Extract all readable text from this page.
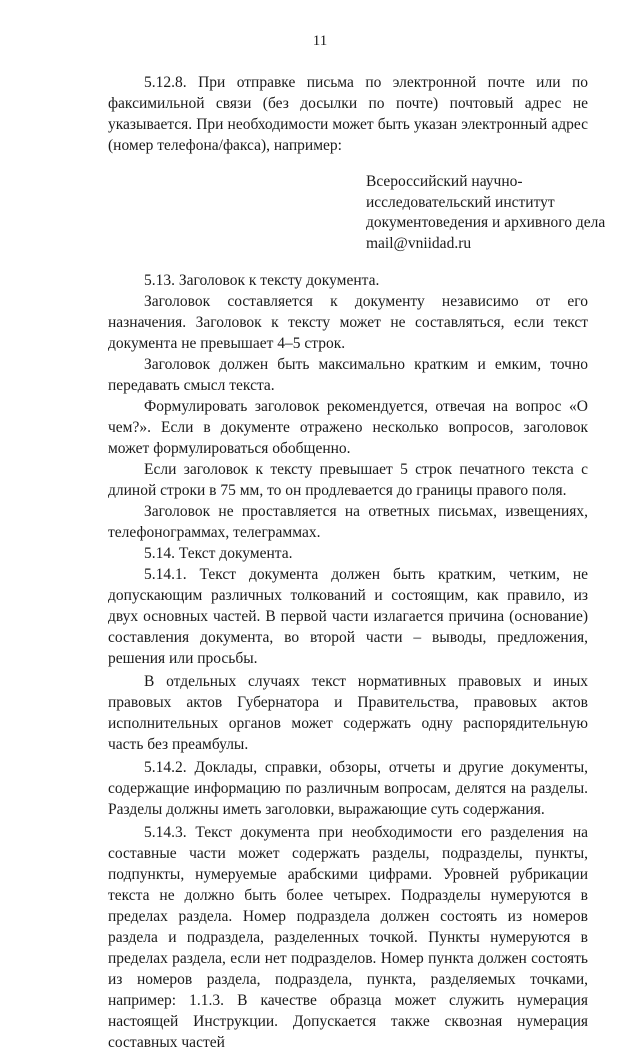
11

5.12.8. При отправке письма по электронной почте или по факсимильной связи (без досылки по почте) почтовый адрес не указывается. При необходимости может быть указан электронный адрес (номер телефона/факса), например:

Всероссийский научно-
исследовательский институт
документоведения и архивного дела
mail@vniidad.ru

5.13. Заголовок к тексту документа.

Заголовок составляется к документу независимо от его назначения. Заголовок к тексту может не составляться, если текст документа не превышает 4–5 строк.

Заголовок должен быть максимально кратким и емким, точно передавать смысл текста.

Формулировать заголовок рекомендуется, отвечая на вопрос «О чем?». Если в документе отражено несколько вопросов, заголовок может формулироваться обобщенно.

Если заголовок к тексту превышает 5 строк печатного текста с длиной строки в 75 мм, то он продлевается до границы правого поля.

Заголовок не проставляется на ответных письмах, извещениях, телефонограммах, телеграммах.

5.14. Текст документа.

5.14.1. Текст документа должен быть кратким, четким, не допускающим различных толкований и состоящим, как правило, из двух основных частей. В первой части излагается причина (основание) составления документа, во второй части – выводы, предложения, решения или просьбы.

В отдельных случаях текст нормативных правовых и иных правовых актов Губернатора и Правительства, правовых актов исполнительных органов может содержать одну распорядительную часть без преамбулы.

5.14.2. Доклады, справки, обзоры, отчеты и другие документы, содержащие информацию по различным вопросам, делятся на разделы. Разделы должны иметь заголовки, выражающие суть содержания.

5.14.3. Текст документа при необходимости его разделения на составные части может содержать разделы, подразделы, пункты, подпункты, нумеруемые арабскими цифрами. Уровней рубрикации текста не должно быть более четырех. Подразделы нумеруются в пределах раздела. Номер подраздела должен состоять из номеров раздела и подраздела, разделенных точкой. Пункты нумеруются в пределах раздела, если нет подразделов. Номер пункта должен состоять из номеров раздела, подраздела, пункта, разделяемых точками, например: 1.1.3. В качестве образца может служить нумерация настоящей Инструкции. Допускается также сквозная нумерация составных частей
